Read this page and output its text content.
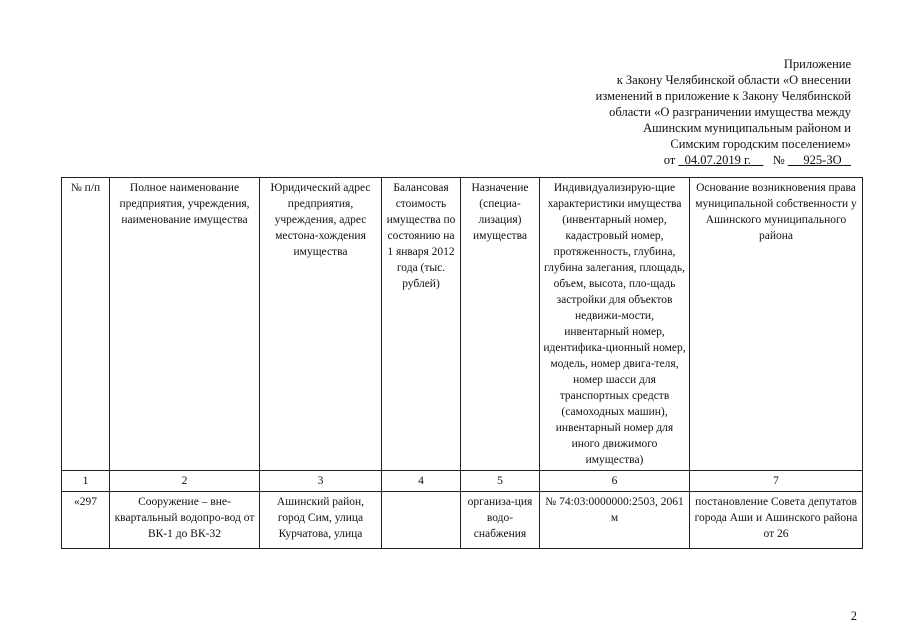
Приложение
к Закону Челябинской области «О внесении
изменений в приложение к Закону Челябинской
области «О разграничении имущества между
Ашинским муниципальным районом и
Симским городским поселением»
от 04.07.2019 г. № 925-ЗО
№ п/п	Полное наименование предприятия, учреждения, наименование имущества	Юридический адрес предприятия, учреждения, адрес местона-хождения имущества	Балансовая стоимость имущества по состоянию на 1 января 2012 года (тыс. рублей)	Назначение (специа-лизация) имущества	Индивидуализирую-щие характеристики имущества (инвентарный номер, кадастровый номер, протяженность, глубина, глубина залегания, площадь, объем, высота, пло-щадь застройки для объектов недвижи-мости, инвентарный номер, идентифика-ционный номер, модель, номер двига-теля, номер шасси для транспортных средств (самоходных машин), инвентарный номер для иного движимого имущества)	Основание возникновения права муниципальной собственности у Ашинского муниципального района
1	2	3	4	5	6	7
«297	Сооружение – вне-квартальный водопро-вод от ВК-1 до ВК-32	Ашинский район, город Сим, улица Курчатова, улица		организа-ция водо-снабжения	№ 74:03:0000000:2503, 2061 м	постановление Совета депутатов города Аши и Ашинского района от 26
2
